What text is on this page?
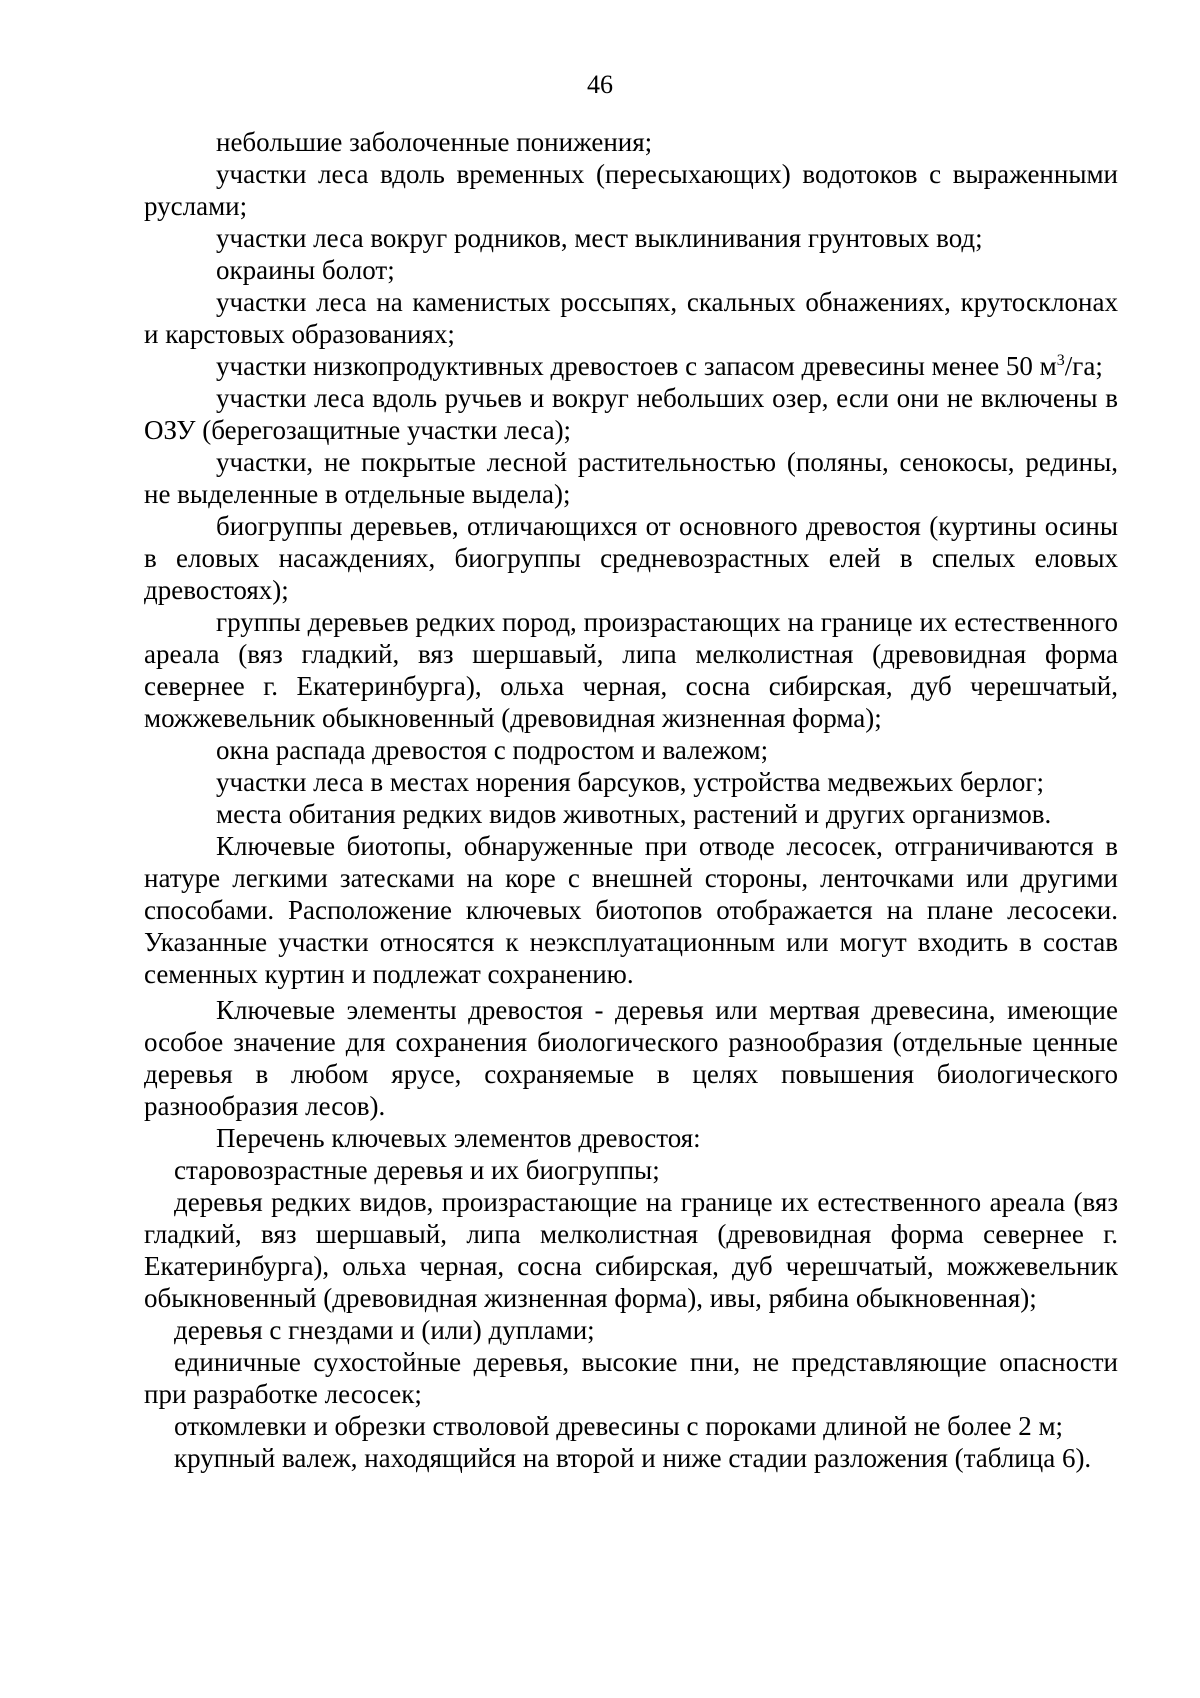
46

небольшие заболоченные понижения;

участки леса вдоль временных (пересыхающих) водотоков с выраженными руслами;

участки леса вокруг родников, мест выклинивания грунтовых вод;

окраины болот;

участки леса на каменистых россыпях, скальных обнажениях, крутосклонах и карстовых образованиях;

участки низкопродуктивных древостоев с запасом древесины менее 50 $м^3/га$;

участки леса вдоль ручьев и вокруг небольших озер, если они не включены в ОЗУ (берегозащитные участки леса);

участки, не покрытые лесной растительностью (поляны, сенокосы, редины, не выделенные в отдельные выдела);

биогруппы деревьев, отличающихся от основного древостоя (куртины осины в еловых насаждениях, биогруппы средневозрастных елей в спелых еловых древостоях);

группы деревьев редких пород, произрастающих на границе их естественного ареала (вяз гладкий, вяз шершавый, липа мелколистная (древовидная форма севернее г. Екатеринбурга), ольха черная, сосна сибирская, дуб черешчатый, можжевельник обыкновенный (древовидная жизненная форма);

окна распада древостоя с подростом и валежом;

участки леса в местах норения барсуков, устройства медвежьих берлог;

места обитания редких видов животных, растений и других организмов.

Ключевые биотопы, обнаруженные при отводе лесосек, отграничиваются в натуре легкими затесками на коре с внешней стороны, ленточками или другими способами. Расположение ключевых биотопов отображается на плане лесосеки. Указанные участки относятся к неэксплуатационным или могут входить в состав семенных куртин и подлежат сохранению.

Ключевые элементы древостоя - деревья или мертвая древесина, имеющие особое значение для сохранения биологического разнообразия (отдельные ценные деревья в любом ярусе, сохраняемые в целях повышения биологического разнообразия лесов).

Перечень ключевых элементов древостоя:

старовозрастные деревья и их биогруппы;

деревья редких видов, произрастающие на границе их естественного ареала (вяз гладкий, вяз шершавый, липа мелколистная (древовидная форма севернее г. Екатеринбурга), ольха черная, сосна сибирская, дуб черешчатый, можжевельник обыкновенный (древовидная жизненная форма), ивы, рябина обыкновенная);

деревья с гнездами и (или) дуплами;

единичные сухостойные деревья, высокие пни, не представляющие опасности при разработке лесосек;

откомлевки и обрезки стволовой древесины с пороками длиной не более 2 м;

крупный валеж, находящийся на второй и ниже стадии разложения (таблица 6).
